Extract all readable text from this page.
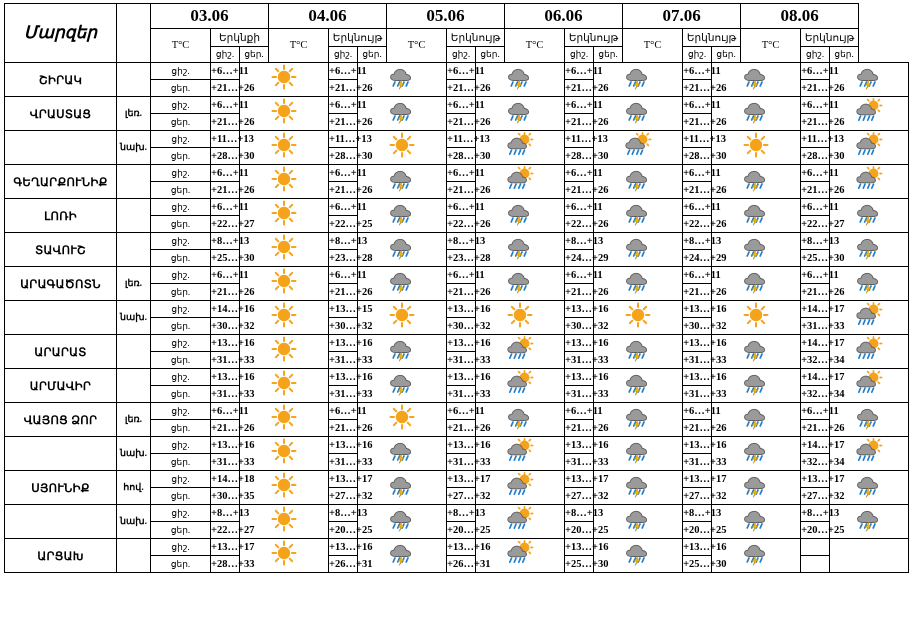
Մարզեր		03.06			04.06			05.06			06.06			07.06			08.06		
		T°C	Երկնքի		T°C	Երկնույթ		T°C	Երկնույթ		T°C	Երկնույթ		T°C	Երկնույթ		T°C	Երկնույթ	
			ցիշ.	ցեր.		ցիշ.	ցեր.		ցիշ.	ցեր.		ցիշ.	ցեր.		ցիշ.	ցեր.		ցիշ.	ցեր.
ՇԻՐԱԿ		ցիշ.	+6…+11			+6…+11			+6…+11			+6…+11			+6…+11			+6…+11	

		ցեր.	+21…+26			+21…+26			+21…+26			+21…+26			+21…+26			+21…+26	
ՎՐԱՍՏԱՑ	լեռ.	ցիշ.	+6…+11			+6…+11			+6…+11			+6…+11			+6…+11			+6…+11	

		ցեր.	+21…+26			+21…+26			+21…+26			+21…+26			+21…+26			+21…+26	
	նախ.	ցիշ.	+11…+13			+11…+13			+11…+13			+11…+13			+11…+13			+11…+13	

		ցեր.	+28…+30			+28…+30			+28…+30			+28…+30			+28…+30			+28…+30	
ԳԵՂԱՐՔՈՒՆԻՔ		ցիշ.	+6…+11			+6…+11			+6…+11			+6…+11			+6…+11			+6…+11	

		ցեր.	+21…+26			+21…+26			+21…+26			+21…+26			+21…+26			+21…+26	
ԼՈՌԻ		ցիշ.	+6…+11			+6…+11			+6…+11			+6…+11			+6…+11			+6…+11	

		ցեր.	+22…+27			+22…+25			+22…+26			+22…+26			+22…+26			+22…+27	
ՏԱՎՈՒՇ		ցիշ.	+8…+13			+8…+13			+8…+13			+8…+13			+8…+13			+8…+13	

		ցեր.	+25…+30			+23…+28			+23…+28			+24…+29			+24…+29			+25…+30	
ԱՐԱԳԱԾՈՏՆ	լեռ.	ցիշ.	+6…+11			+6…+11			+6…+11			+6…+11			+6…+11			+6…+11	

		ցեր.	+21…+26			+21…+26			+21…+26			+21…+26			+21…+26			+21…+26	
	նախ.	ցիշ.	+14…+16			+13…+15			+13…+16			+13…+16			+13…+16			+14…+17	

		ցեր.	+30…+32			+30…+32			+30…+32			+30…+32			+30…+32			+31…+33	
ԱՐԱՐԱՏ		ցիշ.	+13…+16			+13…+16			+13…+16			+13…+16			+13…+16			+14…+17	

		ցեր.	+31…+33			+31…+33			+31…+33			+31…+33			+31…+33			+32…+34	
ԱՐՄԱՎԻՐ		ցիշ.	+13…+16			+13…+16			+13…+16			+13…+16			+13…+16			+14…+17	

		ցեր.	+31…+33			+31…+33			+31…+33			+31…+33			+31…+33			+32…+34	
ՎԱՅՈՑ ՁՈՐ	լեռ.	ցիշ.	+6…+11			+6…+11			+6…+11			+6…+11			+6…+11			+6…+11	

		ցեր.	+21…+26			+21…+26			+21…+26			+21…+26			+21…+26			+21…+26	
	նախ.	ցիշ.	+13…+16			+13…+16			+13…+16			+13…+16			+13…+16			+14…+17	

		ցեր.	+31…+33			+31…+33			+31…+33			+31…+33			+31…+33			+32…+34	
ՍՅՈՒՆԻՔ	հով.	ցիշ.	+14…+18			+13…+17			+13…+17			+13…+17			+13…+17			+13…+17	

		ցեր.	+30…+35			+27…+32			+27…+32			+27…+32			+27…+32			+27…+32	
	նախ.	ցիշ.	+8…+13			+8…+13			+8…+13			+8…+13			+8…+13			+8…+13	

		ցեր.	+22…+27			+20…+25			+20…+25			+20…+25			+20…+25			+20…+25	
ԱՐՑԱԽ		ցիշ.	+13…+17			+13…+16			+13…+16			+13…+16			+13…+16	

		ցեր.	+28…+33			+26…+31			+26…+31			+25…+30			+25…+30				
